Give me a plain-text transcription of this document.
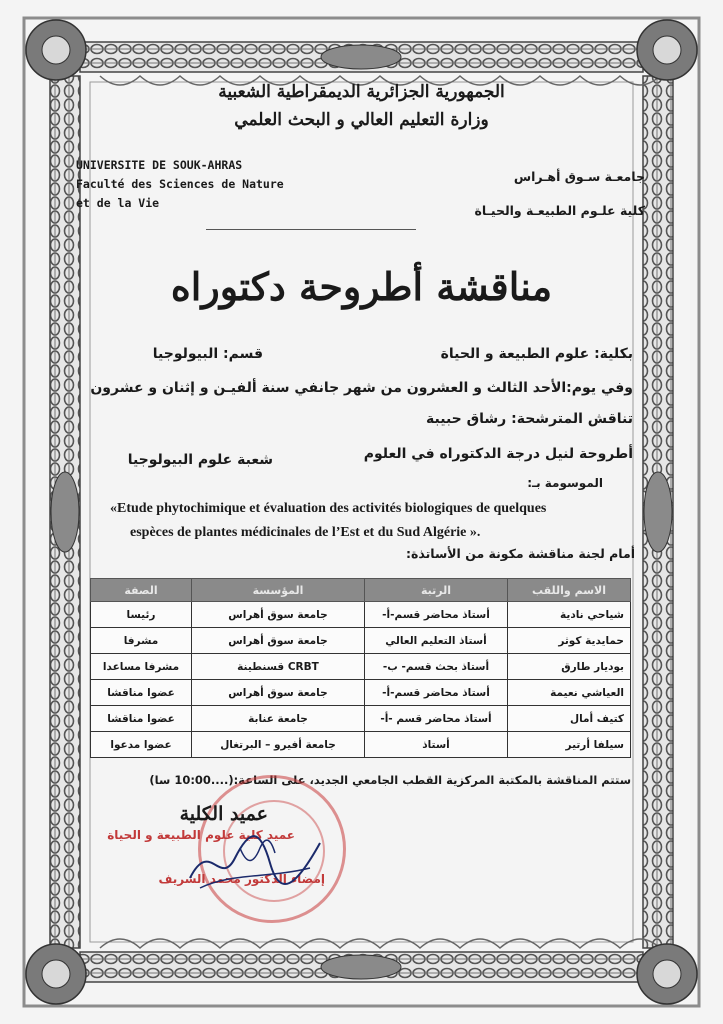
الجمهورية الجزائرية الديمقراطية الشعبية
وزارة التعليم العالي و البحث العلمي
UNIVERSITE DE SOUK-AHRAS
Faculté des Sciences de Nature
et de la Vie
جامعـة سـوق أهـراس
كلية علـوم الطبيعـة والحيـاة
مناقشة أطروحة دكتوراه
بكلية: علوم الطبيعة و الحياة
قسم: البيولوجيا
وفي يوم:الأحد الثالث و العشرون من شهر جانفي سنة ألفيـن و إثنان و عشرون
تناقش المترشحة: رشاق حبيبة
أطروحة لنيل درجة الدكتوراه في العلوم
شعبة علوم البيولوجيا
الموسومة بـ:
«Etude phytochimique et évaluation des activités biologiques de quelques
espèces de plantes médicinales de l’Est et du Sud Algérie ».
أمام لجنة مناقشة مكونة من الأساتذة:
الاسم واللقب	الرتبة	المؤسسة	الصفة
شياحي نادية	أستاذ محاضر قسم-أ-	جامعة سوق أهراس	رئيسا
حمايدية كوثر	أستاذ التعليم العالي	جامعة سوق أهراس	مشرفا
بوديار طارق	أستاذ بحث قسم- ب-	CRBT قسنطينة	مشرفا مساعدا
العياشي نعيمة	أستاذ محاضر قسم-أ-	جامعة سوق أهراس	عضوا مناقشا
كتيف أمال	أستاذ محاضر قسم -أ-	جامعة عنابة	عضوا مناقشا
سيلفا أرتير	أستاذ	جامعة أفيرو – البرتغال	عضوا مدعوا
ستتم المناقشة بالمكتبة المركزية القطب الجامعي الجديد، على الساعة:(....10:00 سا)
عميد الكلية
عميد كلية علوم الطبيعة و الحياة
إمضاء الدكتور محمد الشريف
